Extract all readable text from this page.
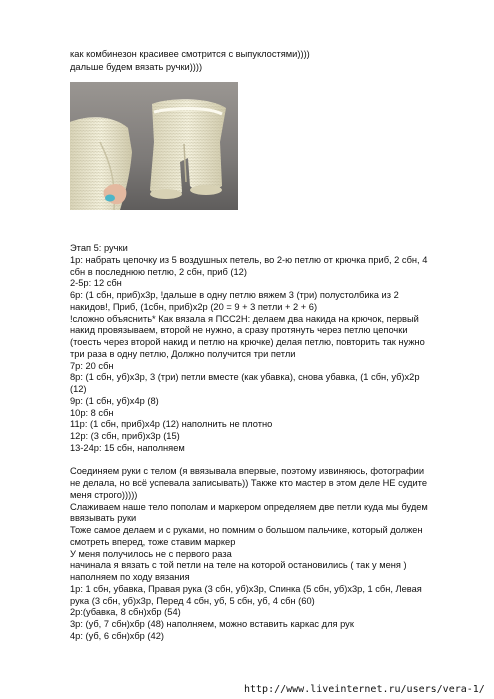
как комбинезон красивее смотрится с выпуклостями))))
дальше будем вязать ручки))))
Этап 5: ручки
1р: набрать цепочку из 5 воздушных петель, во 2-ю петлю от крючка приб, 2 сбн, 4
сбн в последнюю петлю, 2 сбн, приб (12)
2-5р: 12 сбн
6р: (1 сбн, приб)х3р, !дальше в одну петлю вяжем 3 (три) полустолбика из 2
накидов!, Приб, (1сбн, приб)х2р (20 = 9 + 3 петли + 2 + 6)
!сложно объяснить* Как вязала я ПСС2Н: делаем два накида на крючок, первый
накид провязываем, второй не нужно, а сразу протянуть через петлю цепочки
(тоесть через второй накид и петлю на крючке) делая петлю, повторить так нужно
три раза в одну петлю, Должно получится три петли
7р: 20 сбн
8р: (1 сбн, уб)х3р, 3 (три) петли вместе (как убавка), снова убавка, (1 сбн, уб)х2р
(12)
9р: (1 сбн, уб)х4р (8)
10р: 8 сбн
11р: (1 сбн, приб)х4р (12) наполнить не плотно
12р: (3 сбн, приб)х3р (15)
13-24р: 15 сбн, наполняем
Соединяем руки с телом (я ввязывала впервые, поэтому извиняюсь, фотографии
не делала, но всё успевала записывать)) Также кто мастер в этом деле НЕ судите
меня строго)))))
Слаживаем наше тело пополам и маркером определяем две петли куда мы будем
ввязывать руки
Тоже самое делаем и с руками, но помним о большом пальчике, который должен
смотреть вперед, тоже ставим маркер
У меня получилось не с первого раза
начинала я вязать с той петли на теле на которой остановились ( так у меня )
наполняем по ходу вязания
1р: 1 сбн, убавка, Правая рука (3 сбн, уб)х3р, Спинка (5 сбн, уб)х3р, 1 сбн, Левая
рука (3 сбн, уб)х3р, Перед 4 сбн, уб, 5 сбн, уб, 4 сбн (60)
2р:(убавка, 8 сбн)хбр (54)
3р: (уб, 7 сбн)хбр (48) наполняем, можно вставить каркас для рук
4р: (уб, 6 сбн)хбр (42)
http://www.liveinternet.ru/users/vera-1/
